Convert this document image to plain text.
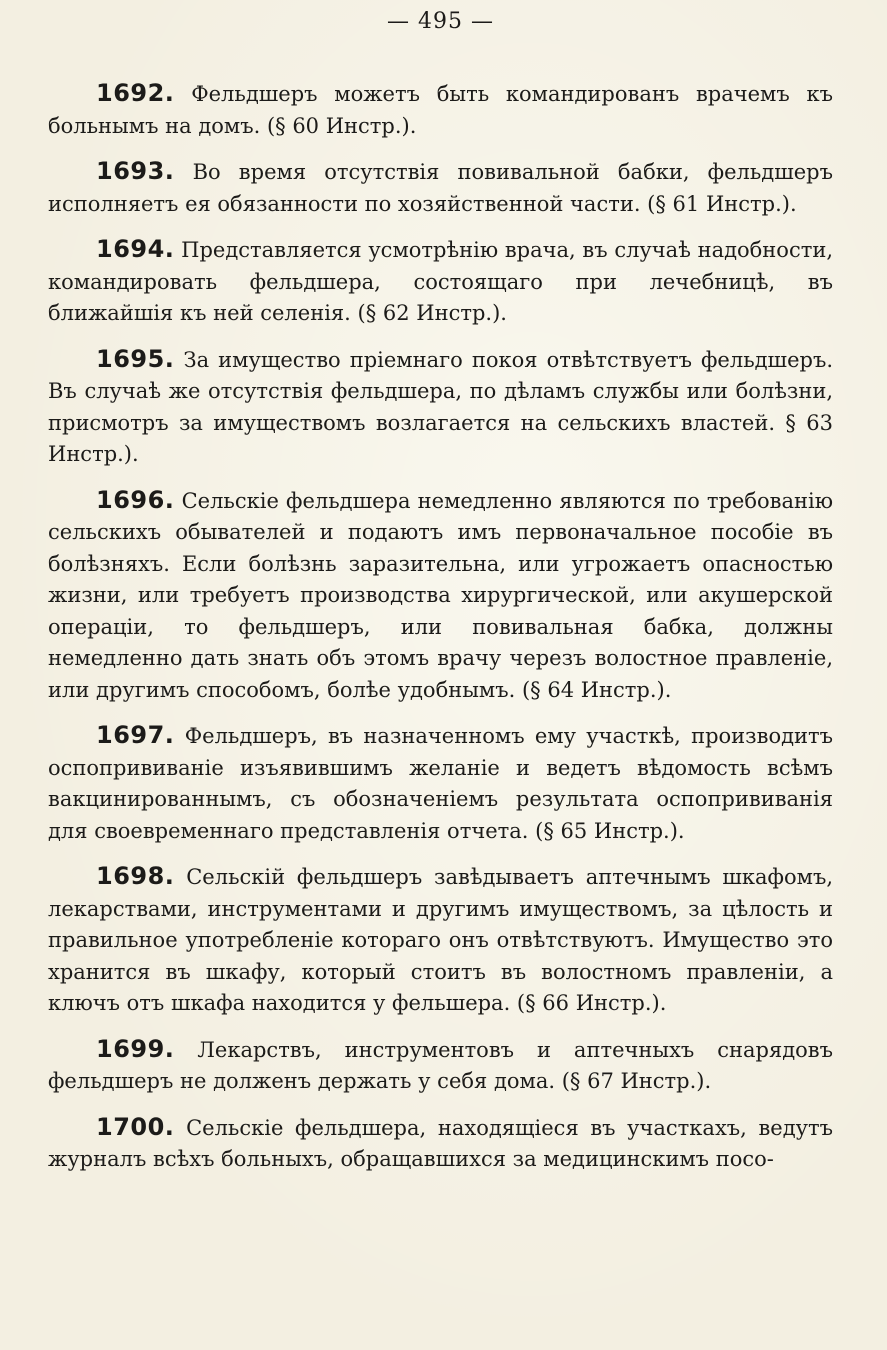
— 495 —

1692. Фельдшеръ можетъ быть командированъ врачемъ къ больнымъ на домъ. (§ 60 Инстр.).

1693. Во время отсутствія повивальной бабки, фельдшеръ исполняетъ ея обязанности по хозяйственной части. (§ 61 Инстр.).

1694. Представляется усмотрѣнію врача, въ случаѣ надобности, командировать фельдшера, состоящаго при лечебницѣ, въ ближайшія къ ней селенія. (§ 62 Инстр.).

1695. За имущество пріемнаго покоя отвѣтствуетъ фельдшеръ. Въ случаѣ же отсутствія фельдшера, по дѣламъ службы или болѣзни, присмотръ за имуществомъ возлагается на сельскихъ властей. § 63 Инстр.).

1696. Сельскіе фельдшера немедленно являются по требованію сельскихъ обывателей и подаютъ имъ первоначальное пособіе въ болѣзняхъ. Если болѣзнь заразительна, или угрожаетъ опасностью жизни, или требуетъ производства хирургической, или акушерской операціи, то фельдшеръ, или повивальная бабка, должны немедленно дать знать объ этомъ врачу черезъ волостное правленіе, или другимъ способомъ, болѣе удобнымъ. (§ 64 Инстр.).

1697. Фельдшеръ, въ назначенномъ ему участкѣ, производитъ оспопрививаніе изъявившимъ желаніе и ведетъ вѣдомость всѣмъ вакцинированнымъ, съ обозначеніемъ результата оспопрививанія для своевременнаго представленія отчета. (§ 65 Инстр.).

1698. Сельскій фельдшеръ завѣдываетъ аптечнымъ шкафомъ, лекарствами, инструментами и другимъ имуществомъ, за цѣлость и правильное употребленіе котораго онъ отвѣтствуютъ. Имущество это хранится въ шкафу, который стоитъ въ волостномъ правленіи, а ключъ отъ шкафа находится у фельшера. (§ 66 Инстр.).

1699. Лекарствъ, инструментовъ и аптечныхъ снарядовъ фельдшеръ не долженъ держать у себя дома. (§ 67 Инстр.).

1700. Сельскіе фельдшера, находящіеся въ участкахъ, ведутъ журналъ всѣхъ больныхъ, обращавшихся за медицинскимъ посо-
